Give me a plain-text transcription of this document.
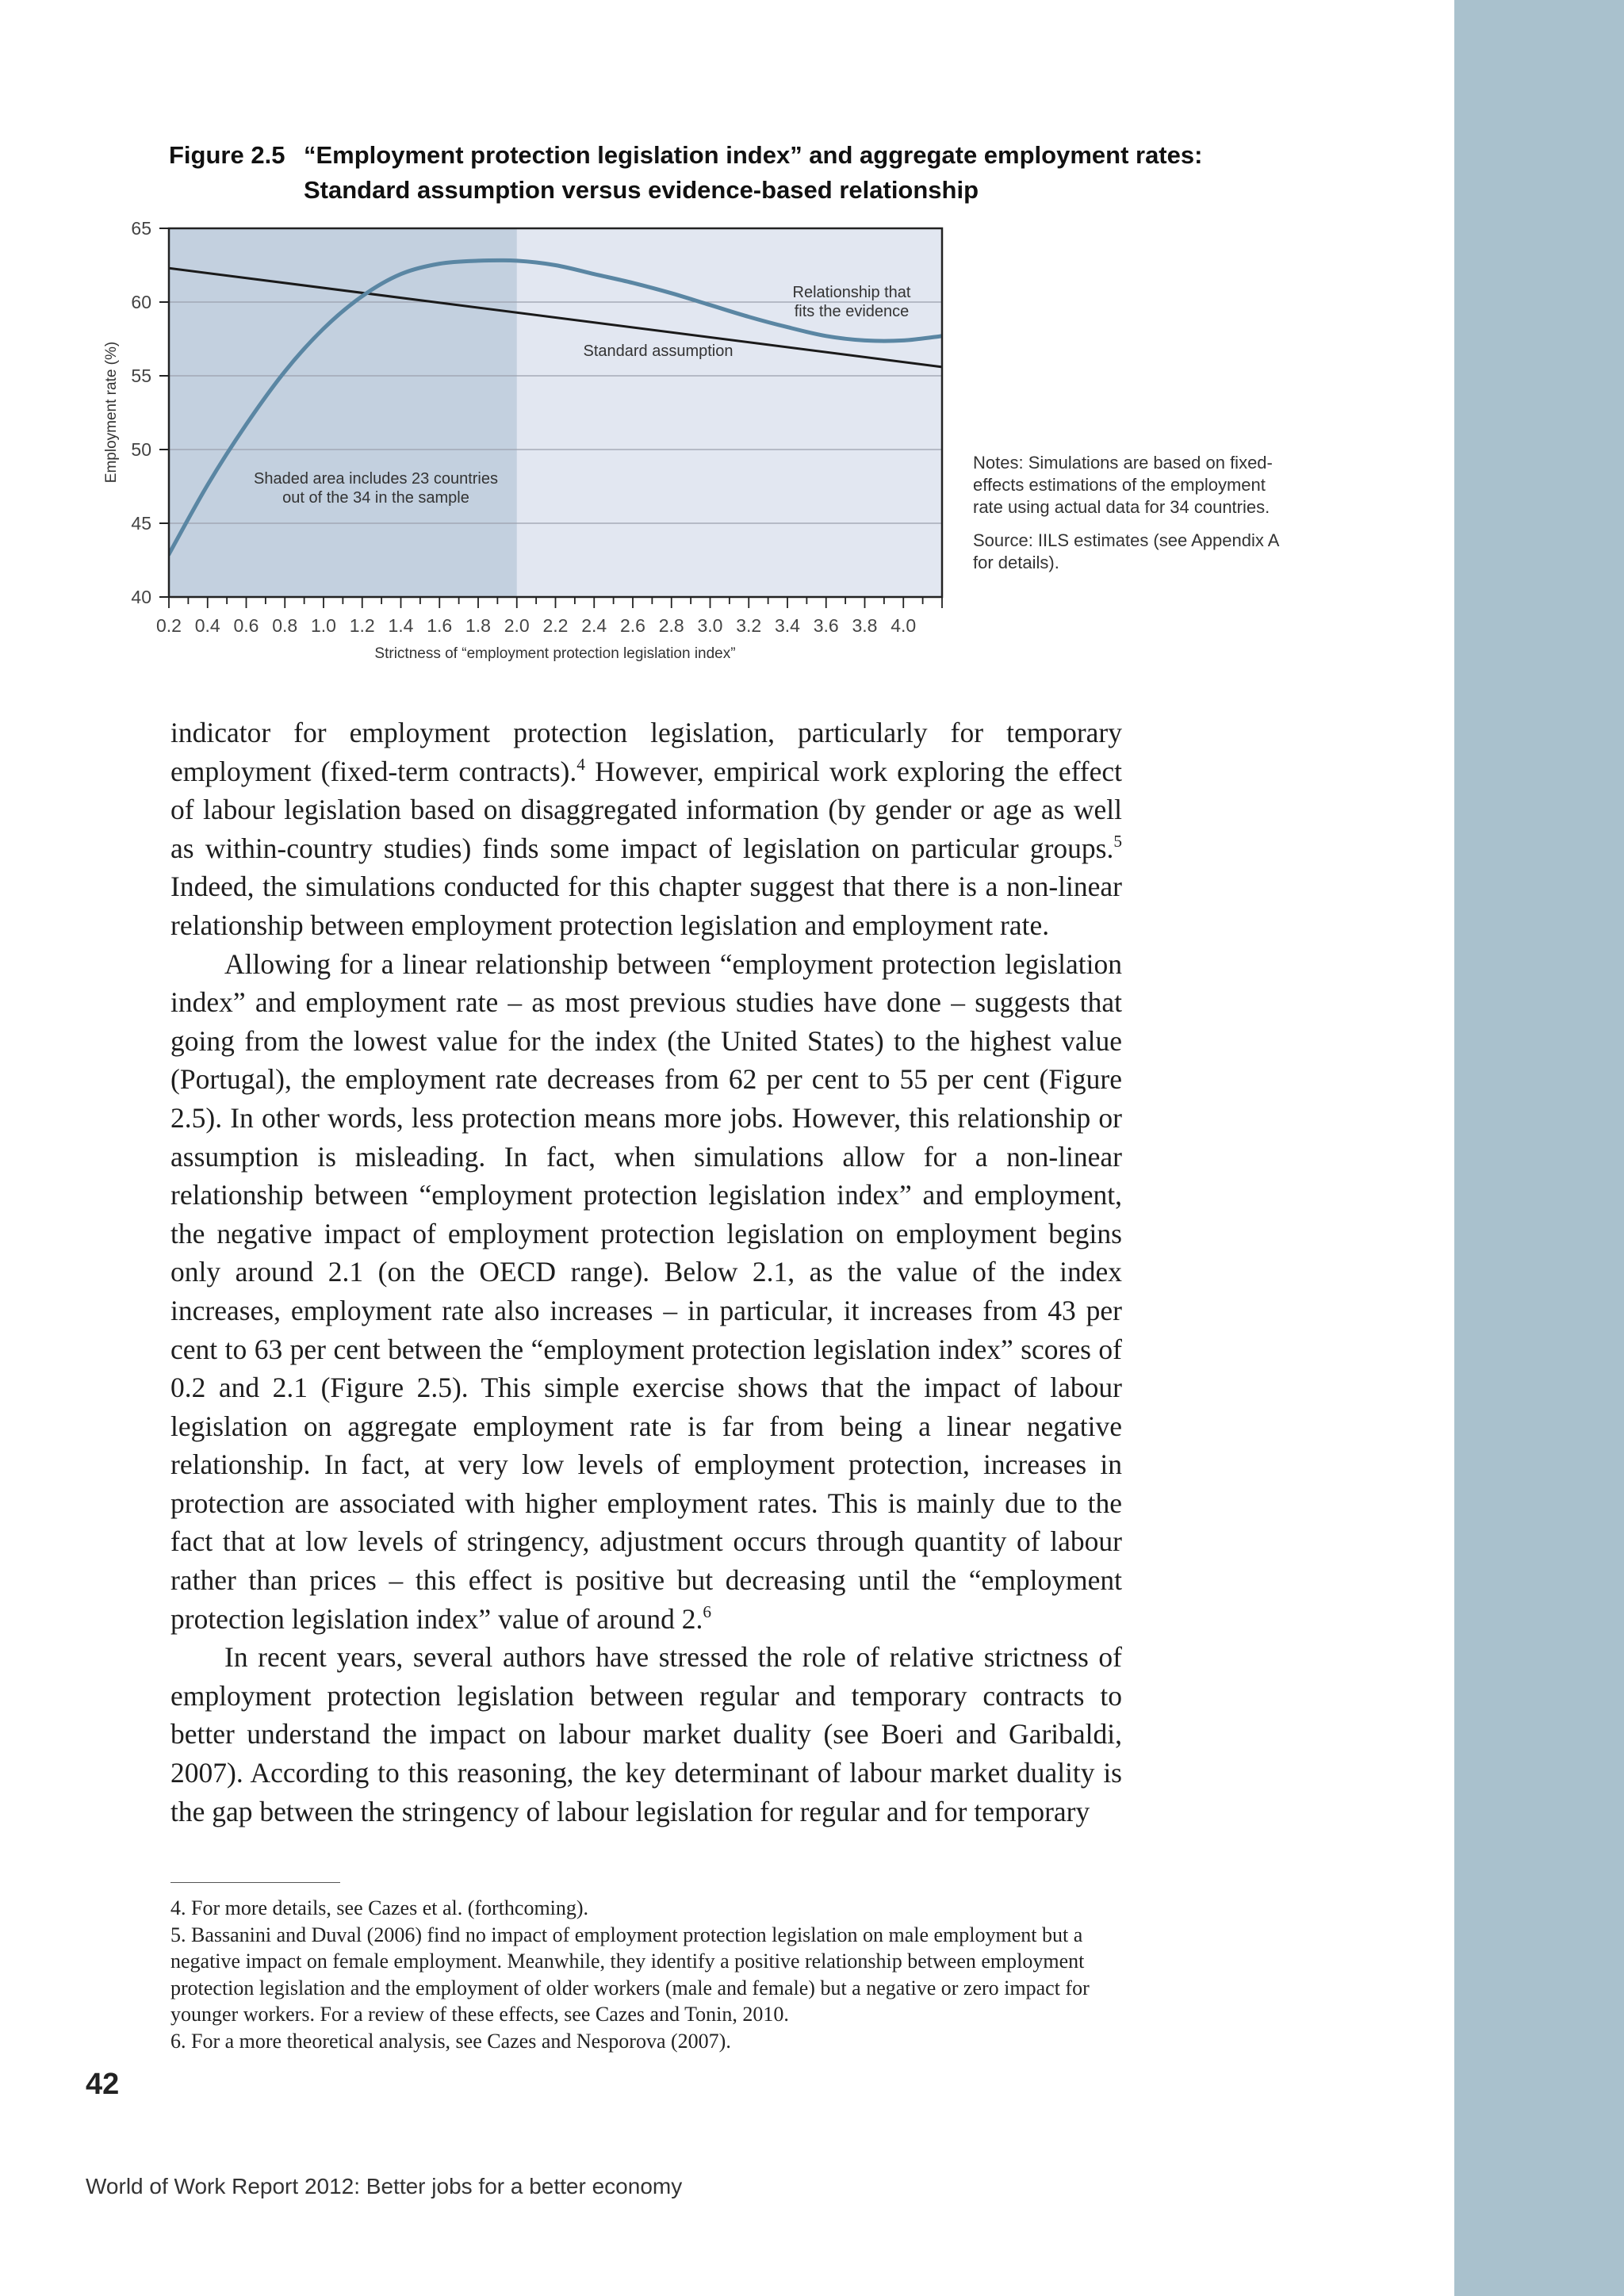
Figure 2.5 “Employment protection legislation index” and aggregate employment rates:
Standard assumption versus evidence-based relationship
40
45
50
55
60
65
0.2 0.4 0.6 0.8 1.0 1.2 1.4 1.6 1.8 2.0 2.2 2.4 2.6 2.8 3.0 3.2 3.4 3.6 3.8 4.0
Shaded area includes 23 countries
out of the 34 in the sample
Standard assumption
Relationship that
fits the evidence
Strictness of “employment protection legislation index”
Employment rate (%)	Notes: Simulations are based on fixed-effects estimations of the employment rate using actual data for 34 countries.

Source: IILS estimates (see Appendix A for details).

indicator for employment protection legislation, particularly for temporary employment (fixed-term contracts).$^4$ However, empirical work exploring the effect of labour legislation based on disaggregated information (by gender or age as well as within-country studies) finds some impact of legislation on particular groups.$^5$ Indeed, the simulations conducted for this chapter suggest that there is a non-linear relationship between employment protection legislation and employment rate.

Allowing for a linear relationship between “employment protection legislation index” and employment rate – as most previous studies have done – suggests that going from the lowest value for the index (the United States) to the highest value (Portugal), the employment rate decreases from 62 per cent to 55 per cent (Figure 2.5). In other words, less protection means more jobs. However, this relationship or assumption is misleading. In fact, when simulations allow for a non-linear relationship between “employment protection legislation index” and employment, the negative impact of employment protection legislation on employment begins only around 2.1 (on the OECD range). Below 2.1, as the value of the index increases, employment rate also increases – in particular, it increases from 43 per cent to 63 per cent between the “employment protection legislation index” scores of 0.2 and 2.1 (Figure 2.5). This simple exercise shows that the impact of labour legislation on aggregate employment rate is far from being a linear negative relationship. In fact, at very low levels of employment protection, increases in protection are associated with higher employment rates. This is mainly due to the fact that at low levels of stringency, adjustment occurs through quantity of labour rather than prices – this effect is positive but decreasing until the “employment protection legislation index” value of around 2.$^6$

In recent years, several authors have stressed the role of relative strictness of employment protection legislation between regular and temporary contracts to better understand the impact on labour market duality (see Boeri and Garibaldi, 2007). According to this reasoning, the key determinant of labour market duality is the gap between the stringency of labour legislation for regular and for temporary

4. For more details, see Cazes et al. (forthcoming).

5. Bassanini and Duval (2006) find no impact of employment protection legislation on male employment but a negative impact on female employment. Meanwhile, they identify a positive relationship between employment protection legislation and the employment of older workers (male and female) but a negative or zero impact for younger workers. For a review of these effects, see Cazes and Tonin, 2010.

6. For a more theoretical analysis, see Cazes and Nesporova (2007).

42
World of Work Report 2012: Better jobs for a better economy
